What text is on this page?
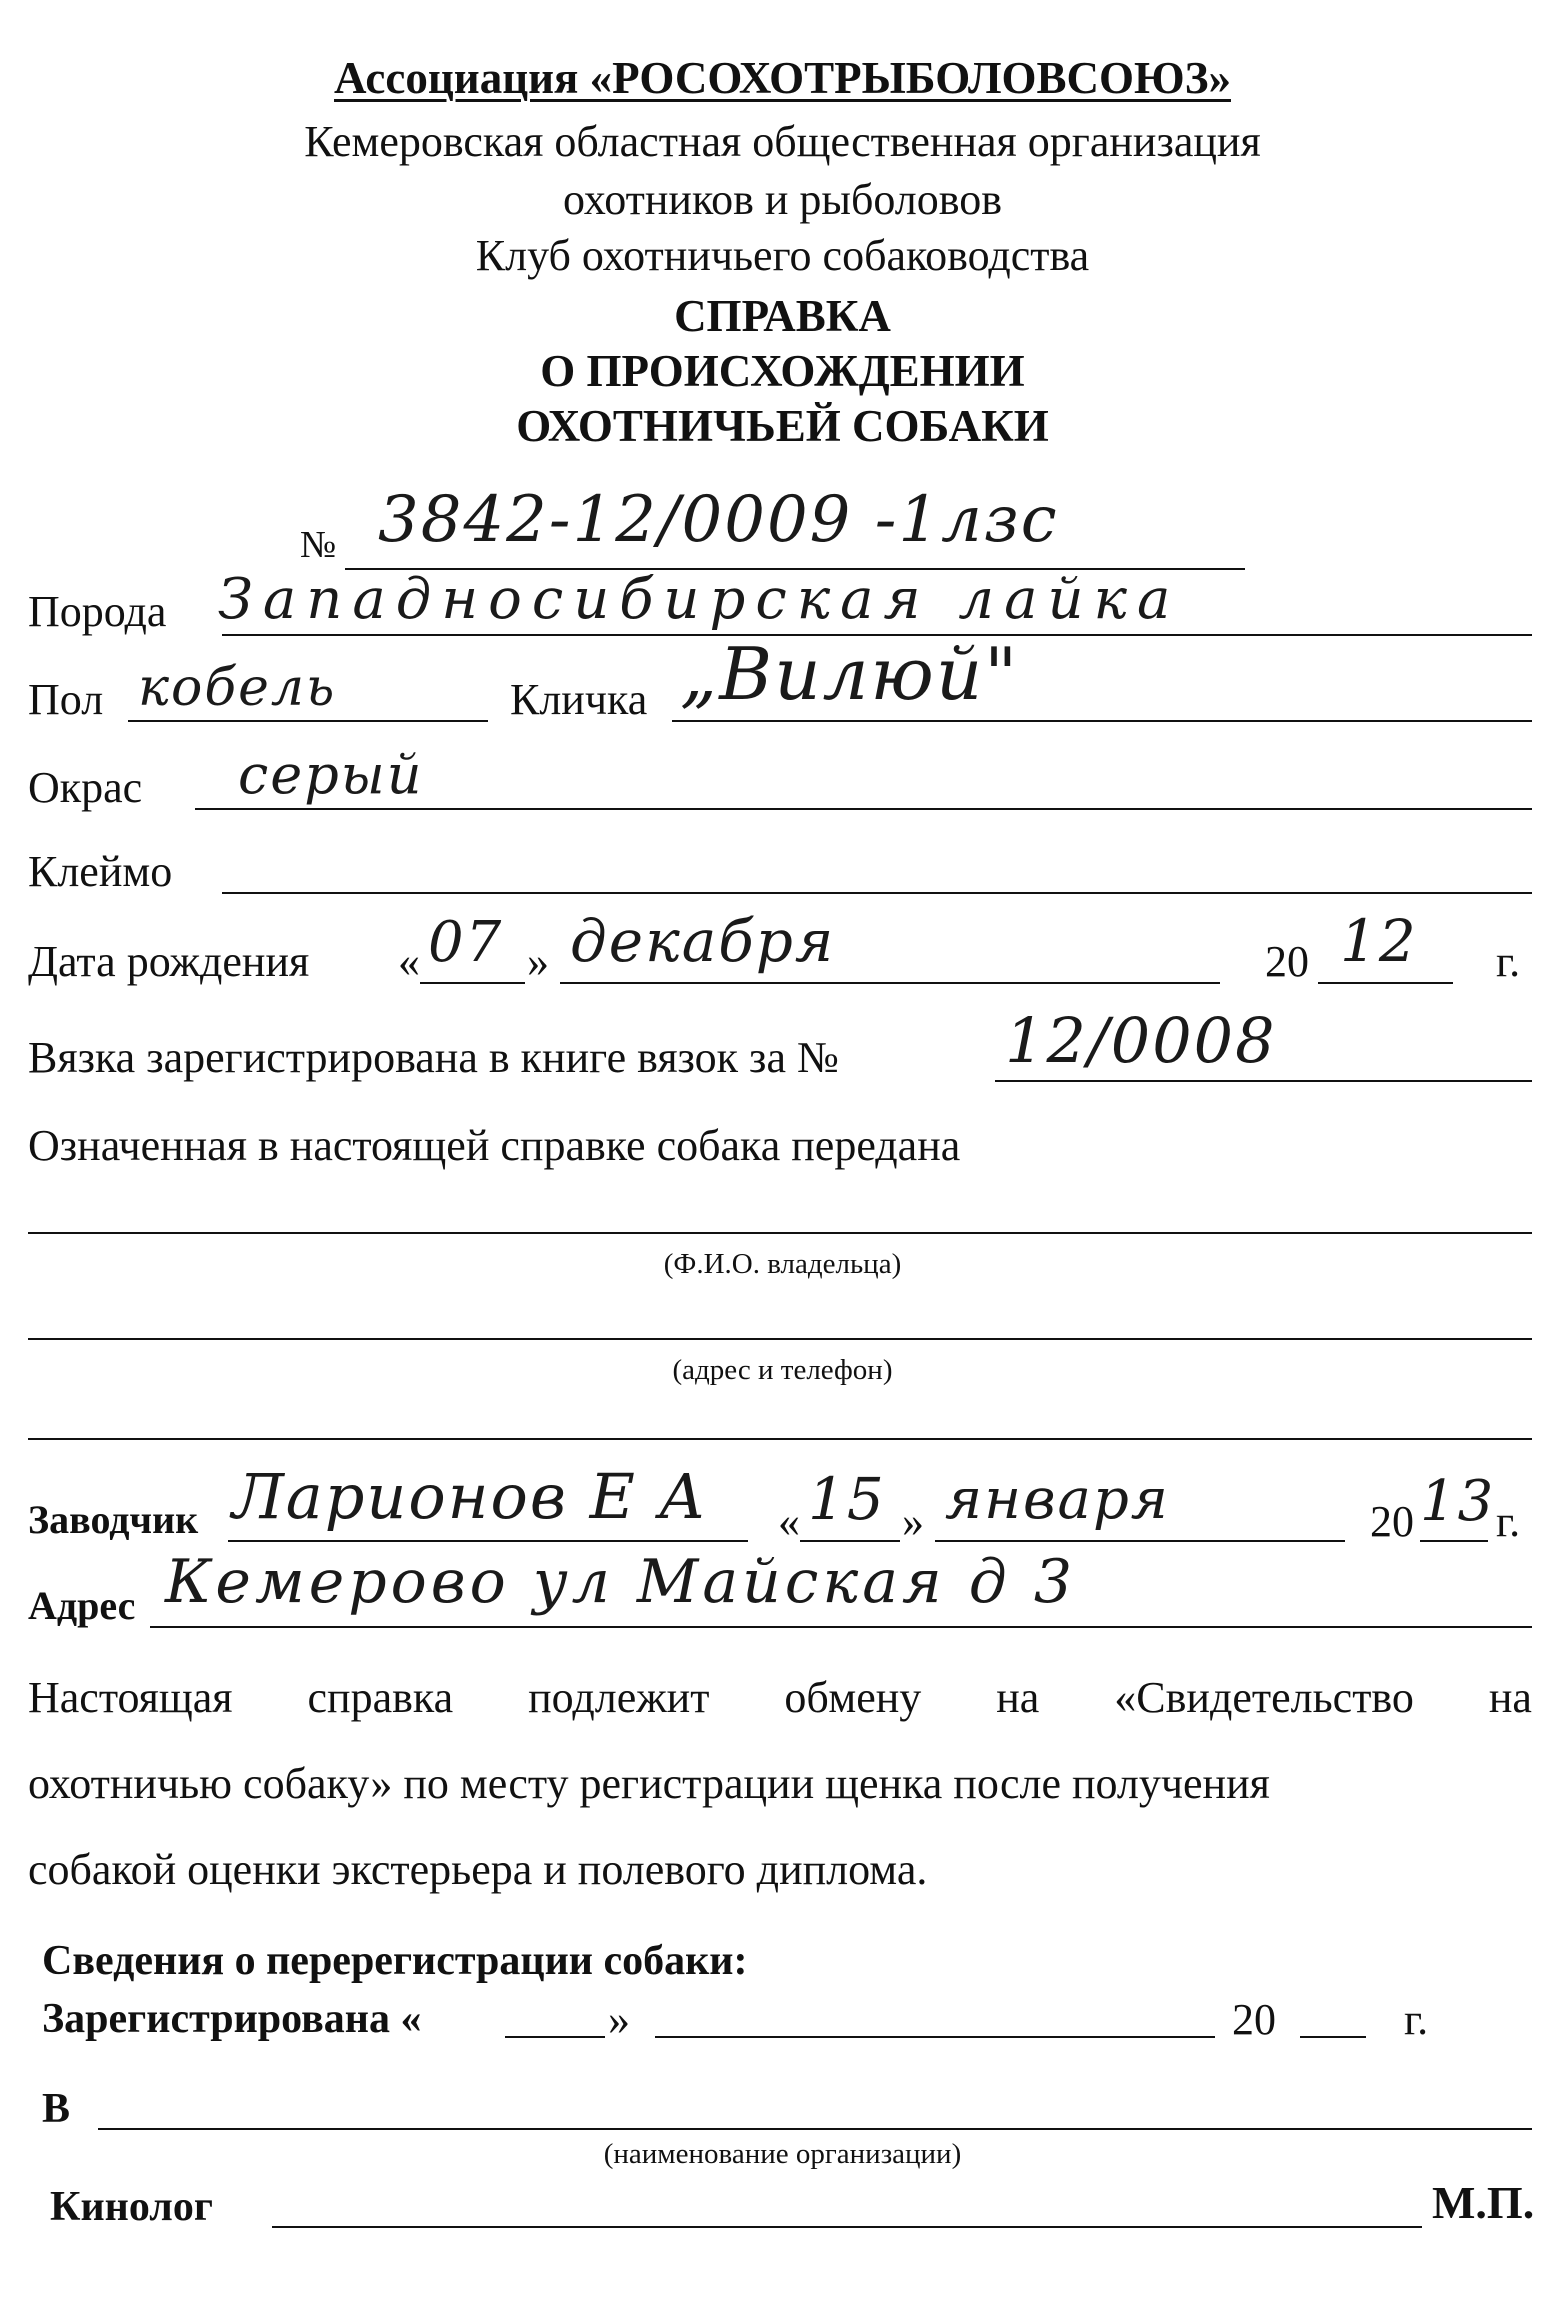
Ассоциация «РОСОХОТРЫБОЛОВСОЮЗ»
Кемеровская областная общественная организация
охотников и рыболовов
Клуб охотничьего собаководства
СПРАВКА
О ПРОИСХОЖДЕНИИ
ОХОТНИЧЬЕЙ СОБАКИ
№ 3842-12/0009 -1лзс
Порода Западносибирская лайка
Пол кобель	Кличка „Вилюй"
Окрас серый
Клеймо
Дата рождения « 07 » декабря	20 12 г.
Вязка зарегистрирована в книге вязок за №	12/0008
Означенная в настоящей справке собака передана
(Ф.И.О. владельца)
(адрес и телефон)
Заводчик Ларионов Е А « 15 » января	20 13 г.
Адрес Кемерово ул Майская д 3
Настоящая справка подлежит обмену на «Свидетельство на
охотничью собаку» по месту регистрации щенка после получения
собакой оценки экстерьера и полевого диплома.
Сведения о перерегистрации собаки:
Зарегистрирована «	»	20	г.
В
(наименование организации)
Кинолог	М.П.
